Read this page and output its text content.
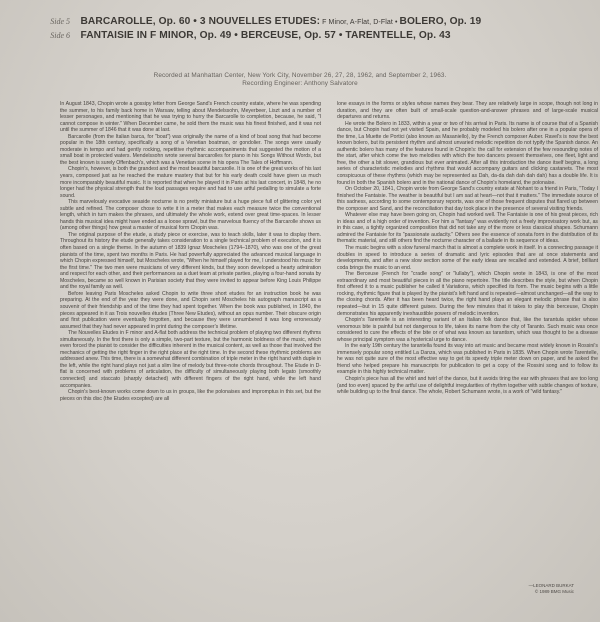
Side 5 BARCAROLLE, Op. 60 • 3 NOUVELLES ETUDES: F Minor, A-Flat, D-Flat • BOLERO, Op. 19
Side 6 FANTAISIE IN F MINOR, Op. 49 • BERCEUSE, Op. 57 • TARENTELLE, Op. 43
Recorded at Manhattan Center, New York City, November 26, 27, 28, 1962, and September 2, 1963.
Recording Engineer: Anthony Salvatore

In August 1843, Chopin wrote a gossipy letter from George Sand's French country estate, where he was spending the summer, to his family back home in Warsaw, telling about Mendelssohn, Meyerbeer, Liszt and a number of lesser personages, and mentioning that he was trying to hurry the Barcarolle to completion, because, he said, "I cannot compose in winter." When December came, he sold them the music was his finest finished, and it was not until the summer of 1846 that it was done at last.

Barcarolle (from the Italian barca, for "boat") was originally the name of a kind of boat song that had become popular in the 18th century, specifically a song of a Venetian boatman, or gondolier. The songs were usually moderate in tempo and had gently rocking, repetitive rhythmic accompaniments that suggested the motion of a small boat in protected waters. Mendelssohn wrote several barcarolles for piano in his Songs Without Words, but the best known is surely Offenbach's, which was a Venetian scene in his opera The Tales of Hoffmann.

Chopin's, however, is both the grandest and the most beautiful barcarolle. It is one of the great works of his last years, composed just as he reached the mature mastery that but for his early death could have given us much more incomparably beautiful music. It is reported that when he played it in Paris at his last concert, in 1848, he no longer had the physical strength that the loud passages require and had to use artful pedalling to simulate a forte sound.

This marvelously evocative seaside nocturne is no pretty miniature but a huge piece full of glittering color yet subtle and refined. The composer chose to write it in a meter that makes each measure twice the conventional length, which in turn makes the phrases, and ultimately the whole work, extend over great time-spaces. In lesser hands this musical idea might have ended as a loose sprawl, but the marvelous fluency of the Barcarolle shows us (among other things) how great a master of musical form Chopin was.

The original purpose of the etude, a study piece or exercise, was to teach skills, later it was to display them. Throughout its history the etude generally takes consideration to a single technical problem of execution, and it is often based on a single theme. In the autumn of 1839 Ignaz Moscheles (1794–1870), who was one of the great pianists of the time, spent two months in Paris. He had powerfully appreciated the advanced musical language in which Chopin expressed himself, but Moscheles wrote, "When he himself played for me, I understood his music for the first time." The two men were musicians of very different kinds, but they soon developed a hearty admiration and respect for each other, and their performances as a duet team at private parties, playing a four-hand sonata by Moscheles, became so well known in Parisian society that they were invited to appear before King Louis Philippe and the royal family as well.

Before leaving Paris Moscheles asked Chopin to write three short etudes for an instruction book he was preparing. At the end of the year they were done, and Chopin sent Moscheles his autograph manuscript as a souvenir of their friendship and of the time they had spent together. When the book was published, in 1840, the pieces appeared in it as Trois nouvelles études (Three New Etudes), without an opus number. Their obscure origin and first publication were eventually forgotten, and because they were unnumbered it was long erroneously assumed that they had never appeared in print during the composer's lifetime.

The Nouvelles Etudes in F minor and A-flat both address the technical problem of playing two different rhythms simultaneously. In the first there is only a simple, two-part texture, but the harmonic boldness of the music, which even forced the pianist to consider the difficulties inherent in the musical content, as well as those that involved the mechanics of getting the right finger in the right place at the right time. In the second these rhythmic problems are addressed anew. This time, there is a somewhat different combination of triple meter in the right hand with duple in the left, while the right hand plays not just a slim line of melody but three-note chords throughout. The Etude in D-flat is concerned with problems of articulation, the difficulty of simultaneously playing both legato (smoothly connected) and staccato (sharply detached) with different fingers of the right hand, while the left hand accompanies.

Chopin's best-known works come down to us in groups, like the polonaises and impromptus in this set, but the pieces on this disc (the Etudes excepted) are all

lone essays in the forms or styles whose names they bear. They are relatively large in scope, though not long in duration, and they are often built of small-scale question-and-answer phrases and of large-scale musical departures and returns.

He wrote the Bolero in 1833, within a year or two of his arrival in Paris. Its name is of course that of a Spanish dance, but Chopin had not yet visited Spain, and he probably modeled his bolero after one in a popular opera of the time, La Muette de Portici (also known as Masaniello), by the French composer Auber. Ravel's is now the best known bolero, but its persistent rhythm and almost unvaried melodic repetition do not typify the Spanish dance. An authentic bolero has many of the features found in Chopin's: the call for extension of the few resounding notes of the start, after which come the two melodies with which the two dancers present themselves, one fleet, light and free, the other a bit slower, grandious but ever animated. After all this introduction the dance itself begins, a long series of characteristic melodies and rhythms that would accompany guitars and clicking castanets. The most conspicuous of these rhythms (which may be represented as Dah, da-da dah dah dah dah) has a double life. It is found in both the Spanish bolero and in the national dance of Chopin's homeland, the polonaise.

On October 20, 1841, Chopin wrote from George Sand's country estate at Nohant to a friend in Paris, "Today I finished the Fantaisie. The weather is beautiful but I am sad at heart—not that it matters." The immediate source of this sadness, according to some contemporary reports, was one of those frequent disputes that flared up between the composer and Sand, and the reconciliation that day took place in the presence of several visiting friends.

Whatever else may have been going on, Chopin had worked well. The Fantaisie is one of his great pieces, rich in ideas and of a high order of invention. For him a "fantasy" was evidently not a freely improvisatory work but, as in this case, a tightly organized composition that did not take any of the more or less classical shapes. Schumann admired the Fantaisie for its "passionate audacity." Others see the essence of sonata form in the distribution of its thematic material, and still others find the nocturne character of a ballade in its sequence of ideas.

The music begins with a slow funeral march that is almost a complete work in itself. In a connecting passage it doubles in speed to introduce a series of dramatic and lyric episodes that are at once statements and developments, and after a new slow section some of the early ideas are recalled and extended. A brief, brilliant coda brings the music to an end.

The Berceuse (French for "cradle song" or "lullaby"), which Chopin wrote in 1843, is one of the most extraordinary and most beautiful pieces in all the piano repertoire. The title describes the style, but when Chopin first offered it to a music publisher he called it Variations, which specified its form. The music begins with a little rocking, rhythmic figure that is played by the pianist's left hand and is repeated—almost unchanged—all the way to the closing chords. After it has been heard twice, the right hand plays an elegant melodic phrase that is also repeated—but in 15 quite different guises. During the few minutes that it takes to play this berceuse, Chopin demonstrates his apparently inexhaustible powers of melodic invention.

Chopin's Tarentelle is an interesting variant of an Italian folk dance that, like the tarantula spider whose venomous bite is painful but not dangerous to life, takes its name from the city of Taranto. Such music was once considered to cure the effects of the bite or of what was known as tarantism, which was thought to be a disease whose principal symptom was a hysterical urge to dance.

In the early 19th century the tarantella found its way into art music and became most widely known in Rossini's immensely popular song entitled La Danza, which was published in Paris in 1835. When Chopin wrote Tarentelle, he was not quite sure of the most effective way to get its speedy triple meter down on paper, and he asked the friend who helped prepare his manuscripts for publication to get a copy of the Rossini song and to follow its example in this highly technical matter.

Chopin's piece has all the whirl and twirl of the dance, but it avoids tiring the ear with phrases that are too long (and too even) spaced by the artful use of delightful irregularities of rhythm together with subtle changes of texture, while building up to the final dance. The whole, Robert Schumann wrote, is a work of "wild fantasy."

—LEONARD BURKAT
© 1989 BMG Music
